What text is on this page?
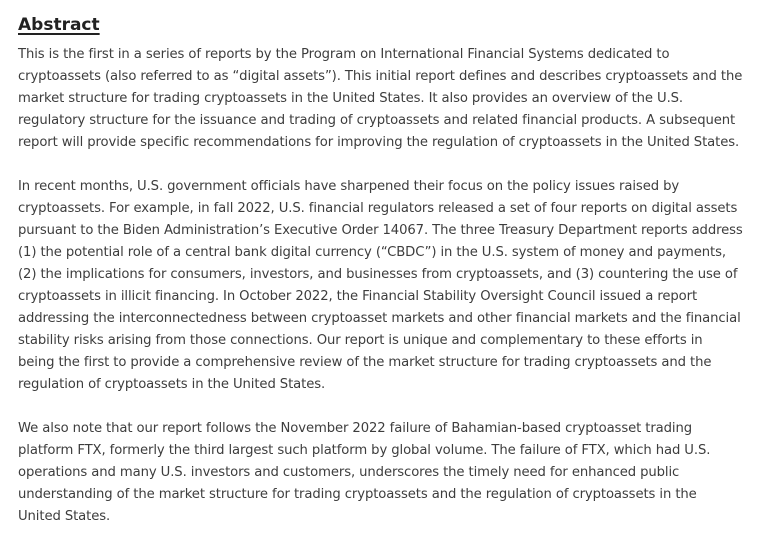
Abstract

This is the first in a series of reports by the Program on International Financial Systems dedicated to cryptoassets (also referred to as “digital assets”). This initial report defines and describes cryptoassets and the market structure for trading cryptoassets in the United States. It also provides an overview of the U.S. regulatory structure for the issuance and trading of cryptoassets and related financial products. A subsequent report will provide specific recommendations for improving the regulation of cryptoassets in the United States.

In recent months, U.S. government officials have sharpened their focus on the policy issues raised by cryptoassets. For example, in fall 2022, U.S. financial regulators released a set of four reports on digital assets pursuant to the Biden Administration’s Executive Order 14067. The three Treasury Department reports address (1) the potential role of a central bank digital currency (“CBDC”) in the U.S. system of money and payments, (2) the implications for consumers, investors, and businesses from cryptoassets, and (3) countering the use of cryptoassets in illicit financing. In October 2022, the Financial Stability Oversight Council issued a report addressing the interconnectedness between cryptoasset markets and other financial markets and the financial stability risks arising from those connections. Our report is unique and complementary to these efforts in being the first to provide a comprehensive review of the market structure for trading cryptoassets and the regulation of cryptoassets in the United States.

We also note that our report follows the November 2022 failure of Bahamian-based cryptoasset trading platform FTX, formerly the third largest such platform by global volume. The failure of FTX, which had U.S. operations and many U.S. investors and customers, underscores the timely need for enhanced public understanding of the market structure for trading cryptoassets and the regulation of cryptoassets in the United States.
